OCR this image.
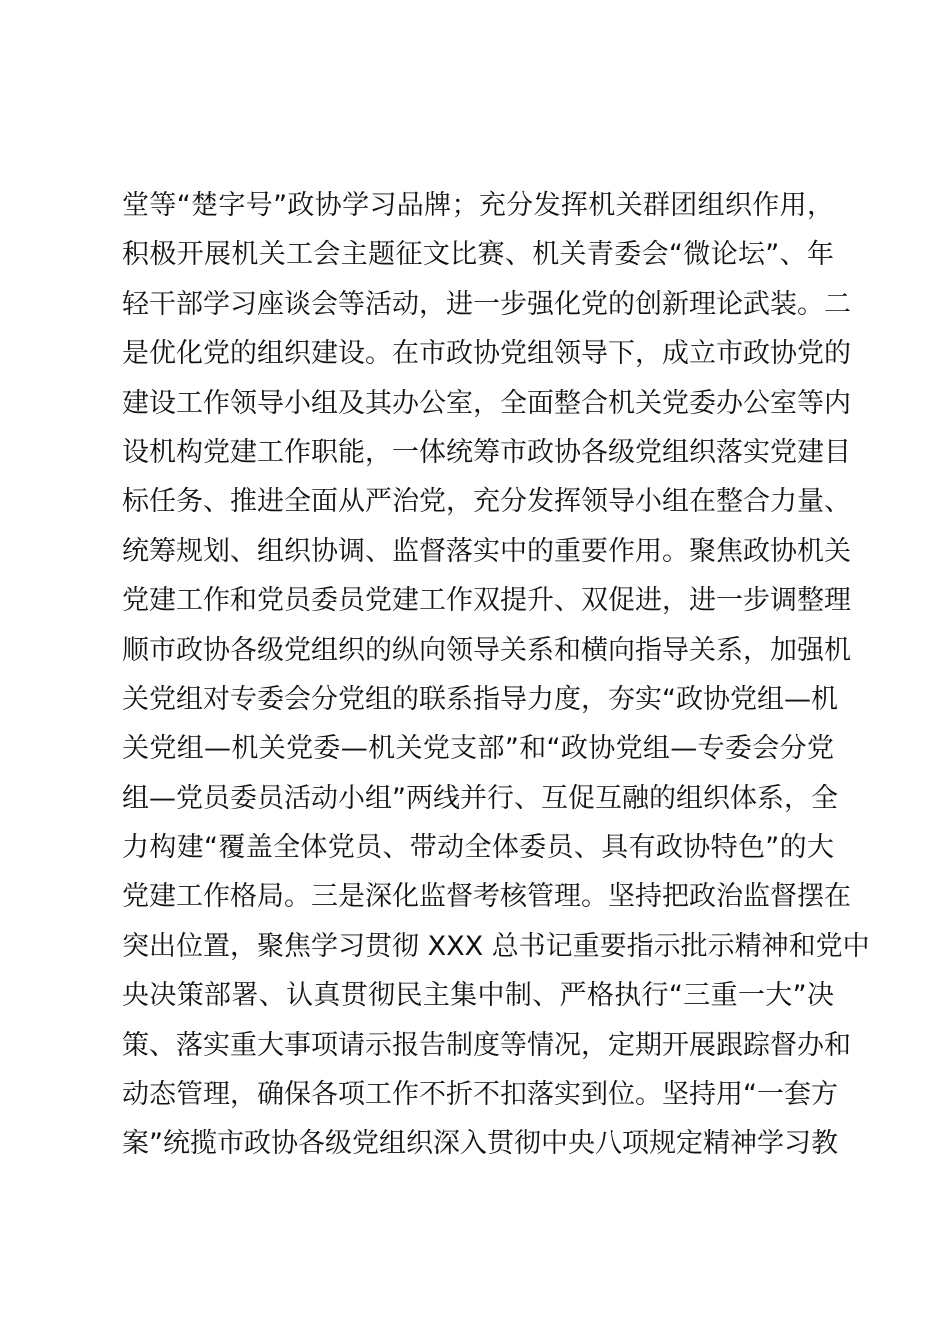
堂等“楚字号”政协学习品牌；充分发挥机关群团组织作用，
积极开展机关工会主题征文比赛、机关青委会“微论坛”、年
轻干部学习座谈会等活动，进一步强化党的创新理论武装。二
是优化党的组织建设。在市政协党组领导下，成立市政协党的
建设工作领导小组及其办公室，全面整合机关党委办公室等内
设机构党建工作职能，一体统筹市政协各级党组织落实党建目
标任务、推进全面从严治党，充分发挥领导小组在整合力量、
统筹规划、组织协调、监督落实中的重要作用。聚焦政协机关
党建工作和党员委员党建工作双提升、双促进，进一步调整理
顺市政协各级党组织的纵向领导关系和横向指导关系，加强机
关党组对专委会分党组的联系指导力度，夯实“政协党组—机
关党组—机关党委—机关党支部”和“政协党组—专委会分党
组—党员委员活动小组”两线并行、互促互融的组织体系，全
力构建“覆盖全体党员、带动全体委员、具有政协特色”的大
党建工作格局。三是深化监督考核管理。坚持把政治监督摆在
突出位置，聚焦学习贯彻 XXX 总书记重要指示批示精神和党中
央决策部署、认真贯彻民主集中制、严格执行“三重一大”决
策、落实重大事项请示报告制度等情况，定期开展跟踪督办和
动态管理，确保各项工作不折不扣落实到位。坚持用“一套方
案”统揽市政协各级党组织深入贯彻中央八项规定精神学习教
